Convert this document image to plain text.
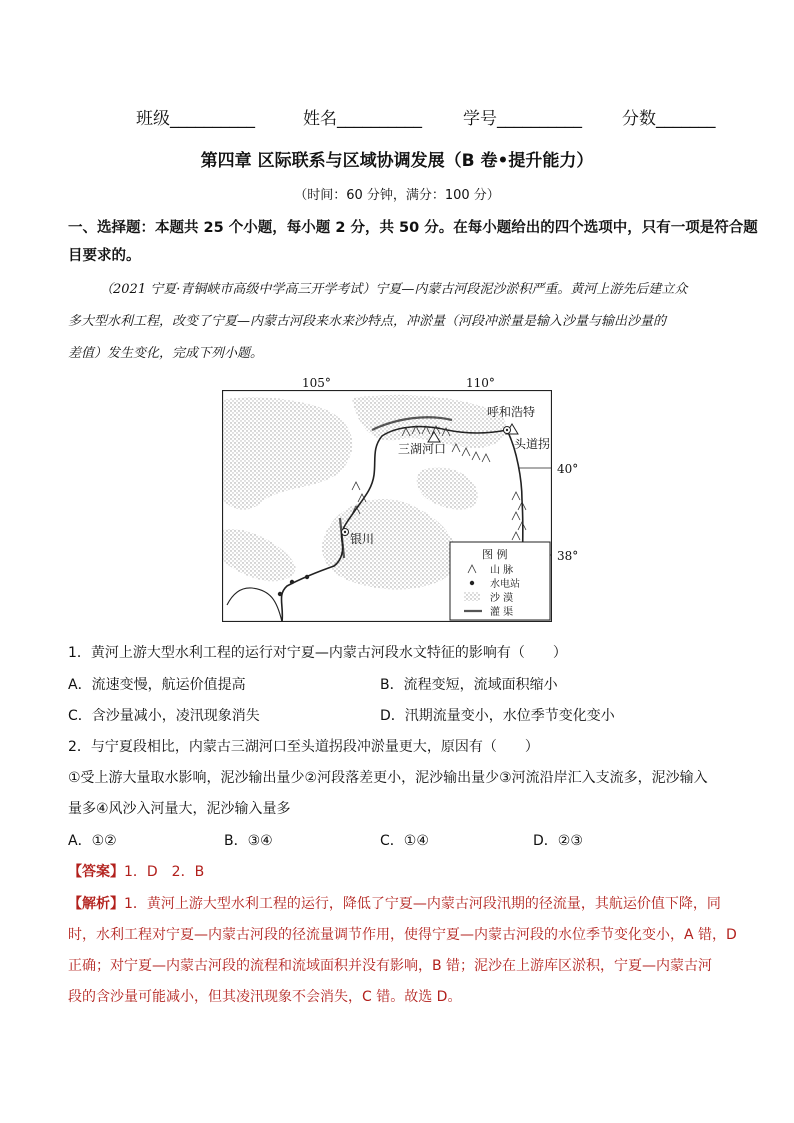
班级__________	姓名__________ 学号__________ 分数_______
第四章 区际联系与区域协调发展（B 卷•提升能力）
（时间：60 分钟，满分：100 分）
一、选择题：本题共 25 个小题，每小题 2 分，共 50 分。在每小题给出的四个选项中，只有一项是符合题
目要求的。
（2021 宁夏·青铜峡市高级中学高三开学考试）宁夏—内蒙古河段泥沙淤积严重。黄河上游先后建立众
多大型水利工程，改变了宁夏—内蒙古河段来水来沙特点，冲淤量（河段冲淤量是输入沙量与输出沙量的
差值）发生变化，完成下列小题。
105°	110°
40°
38°
呼和浩特
头道拐
三湖河口
银川
图 例
山 脉
水电站
沙 漠
灌 渠
1．黄河上游大型水利工程的运行对宁夏—内蒙古河段水文特征的影响有（　　）
A．流速变慢，航运价值提高	B．流程变短，流域面积缩小
C．含沙量减小，凌汛现象消失	D．汛期流量变小，水位季节变化变小
2．与宁夏段相比，内蒙古三湖河口至头道拐段冲淤量更大，原因有（　　）
①受上游大量取水影响，泥沙输出量少②河段落差更小，泥沙输出量少③河流沿岸汇入支流多，泥沙输入
量多④风沙入河量大，泥沙输入量多
A．①②	B．③④	C．①④	D．②③
【答案】1．D　2．B
【解析】1．黄河上游大型水利工程的运行，降低了宁夏—内蒙古河段汛期的径流量，其航运价值下降，同
时，水利工程对宁夏—内蒙古河段的径流量调节作用，使得宁夏—内蒙古河段的水位季节变化变小，A 错，D
正确；对宁夏—内蒙古河段的流程和流域面积并没有影响，B 错；泥沙在上游库区淤积，宁夏—内蒙古河
段的含沙量可能减小，但其凌汛现象不会消失，C 错。故选 D。
